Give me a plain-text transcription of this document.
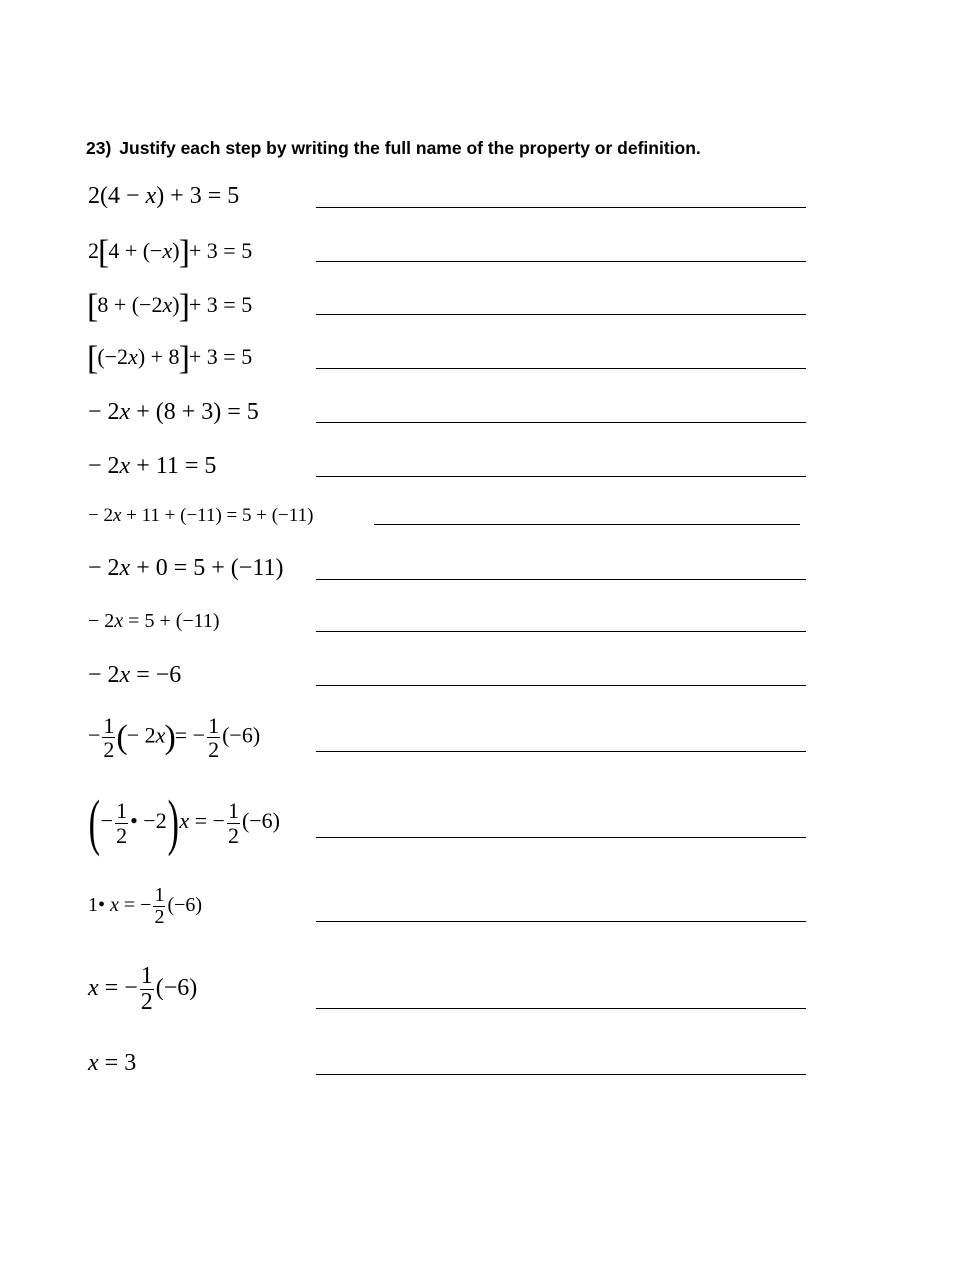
23) Justify each step by writing the full name of the property or definition.
2(4 − x) + 3 = 5
2[4 + (−x)]+ 3 = 5
[8 + (−2x)]+ 3 = 5
[(−2x) + 8]+ 3 = 5
− 2x + (8 + 3) = 5
− 2x + 11 = 5
− 2x + 11 + (−11) = 5 + (−11)
− 2x + 0 = 5 + (−11)
− 2x = 5 + (−11)
− 2x = −6
− $\frac{1}{2}$ (− $2x)= - \frac{1}{2} (-6)$
(− $\frac{1}{2}$ • −2)x = − $\frac{1}{2} (-6)$
1• x = − $\frac{1}{2} (-6)$
x = − $\frac{1}{2} (-6)$
x = 3
